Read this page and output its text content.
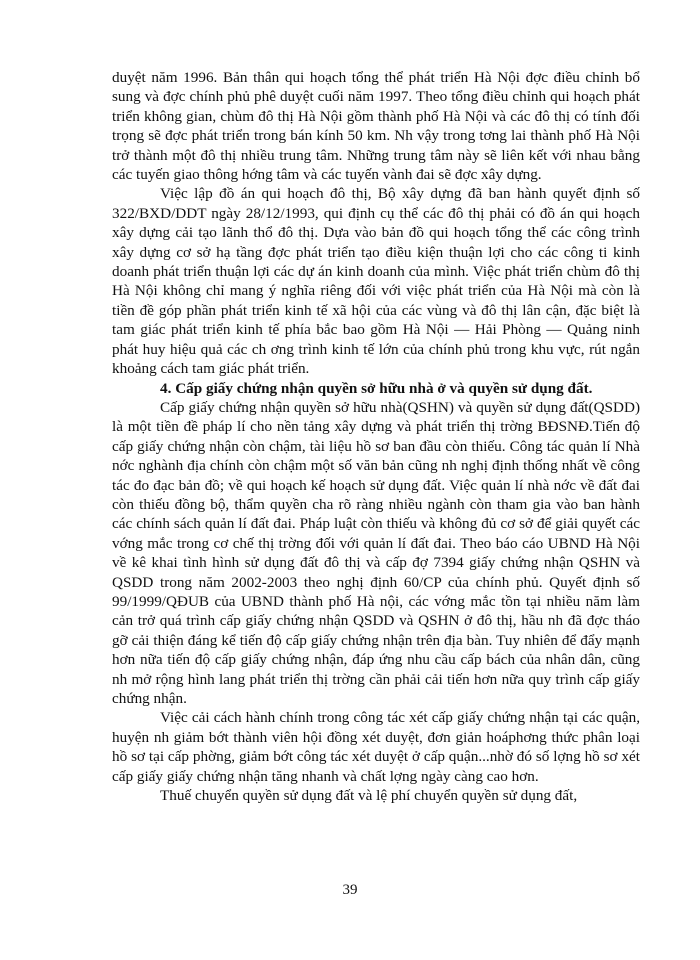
duyệt năm 1996. Bản thân qui hoạch tổng thể phát triển Hà Nội đợc điều chỉnh bổ sung và đợc chính phủ phê duyệt cuối năm 1997. Theo tổng điều chỉnh qui hoạch phát triển không gian, chùm đô thị Hà Nội gồm thành phố Hà Nội và các đô thị có tính đối trọng sẽ đợc phát triển trong bán kính 50 km. Nh vậy trong tơng lai thành phố Hà Nội trở thành một đô thị nhiều trung tâm. Những trung tâm này sẽ liên kết với nhau bằng các tuyến giao thông hớng tâm và các tuyến vành đai sẽ đợc xây dựng.

Việc lập đồ án qui hoạch đô thị, Bộ xây dựng đã ban hành quyết định số 322/BXD/DDT ngày 28/12/1993, qui định cụ thể các đô thị phải có đồ án qui hoạch xây dựng cải tạo lãnh thổ đô thị. Dựa vào bản đồ qui hoạch tổng thể các công trình xây dựng cơ sở hạ tầng đợc phát triển tạo điều kiện thuận lợi cho các công ti kinh doanh phát triển thuận lợi các dự án kinh doanh của mình. Việc phát triển chùm đô thị Hà Nội không chỉ mang ý nghĩa riêng đối với việc phát triển của Hà Nội mà còn là tiền đề góp phần phát triển kinh tế xã hội của các vùng và đô thị lân cận, đặc biệt là tam giác phát triển kinh tế phía bắc bao gồm Hà Nội — Hải Phòng — Quảng ninh phát huy hiệu quả các ch ơng trình kinh tế lớn của chính phủ trong khu vực, rút ngắn khoảng cách tam giác phát triển.

4. Cấp giấy chứng nhận quyền sở hữu nhà ở và quyền sử dụng đất.

Cấp giấy chứng nhận quyền sở hữu nhà(QSHN) và quyền sử dụng đất(QSDD) là một tiền đề pháp lí cho nền tảng xây dựng và phát triển thị trờng BĐSNĐ.Tiến độ cấp giấy chứng nhận còn chậm, tài liệu hồ sơ ban đầu còn thiếu. Công tác quản lí Nhà nớc nghành địa chính còn chậm một số văn bản cũng nh nghị định thống nhất về công tác đo đạc bản đồ; về qui hoạch kế hoạch sử dụng đất. Việc quản lí nhà nớc về đất đai còn thiếu đồng bộ, thẩm quyền cha rõ ràng nhiều ngành còn tham gia vào ban hành các chính sách quản lí đất đai. Pháp luật còn thiếu và không đủ cơ sở để giải quyết các vớng mắc trong cơ chế thị trờng đối với quản lí đất đai. Theo báo cáo UBND Hà Nội về kê khai tình hình sử dụng đất đô thị và cấp đợ 7394 giấy chứng nhận QSHN và QSDD trong năm 2002-2003 theo nghị định 60/CP của chính phủ. Quyết định số 99/1999/QĐUB của UBND thành phố Hà nội, các vớng mắc tồn tại nhiều năm làm cản trở quá trình cấp giấy chứng nhận QSDD và QSHN ở đô thị, hầu nh đã đợc tháo gỡ cải thiện đáng kể tiến độ cấp giấy chứng nhận trên địa bàn. Tuy nhiên để đẩy mạnh hơn nữa tiến độ cấp giấy chứng nhận, đáp ứng nhu cầu cấp bách của nhân dân, cũng nh mở rộng hình lang phát triển thị trờng cần phải cải tiến hơn nữa quy trình cấp giấy chứng nhận.

Việc cải cách hành chính trong công tác xét cấp giấy chứng nhận tại các quận, huyện nh giảm bớt thành viên hội đồng xét duyệt, đơn giản hoáphơng thức phân loại hồ sơ tại cấp phờng, giảm bớt công tác xét duyệt ở cấp quận...nhờ đó số lợng hồ sơ xét cấp giấy giấy chứng nhận tăng nhanh và chất lợng ngày càng cao hơn.

Thuế chuyển quyền sử dụng đất và lệ phí chuyển quyền sử dụng đất,

39
